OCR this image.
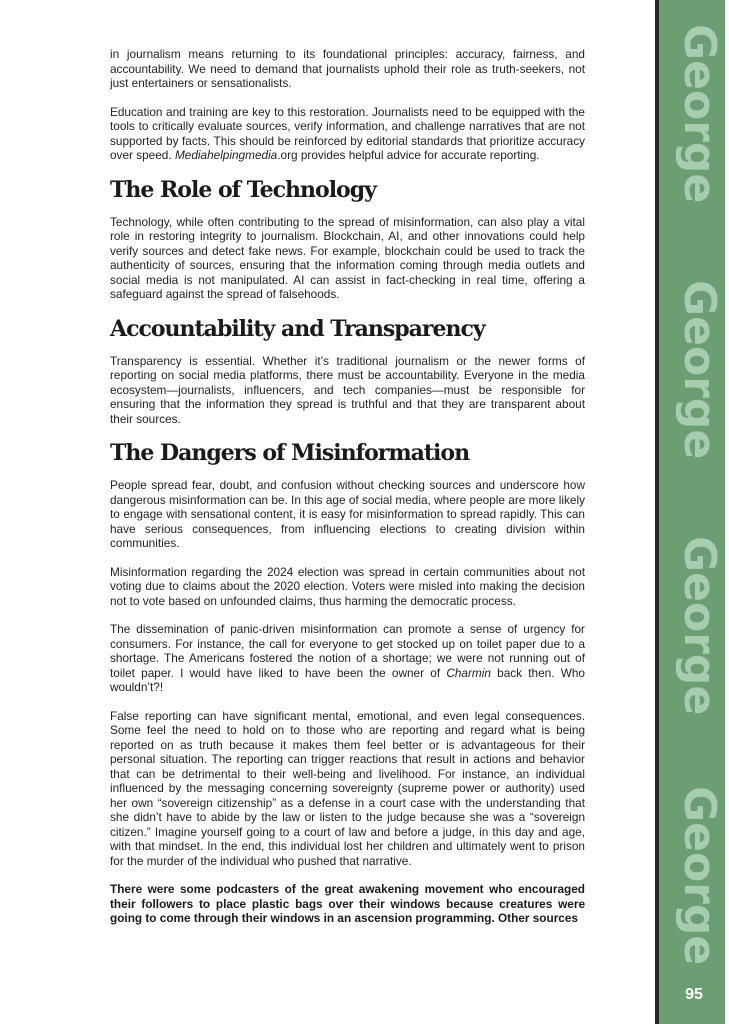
in journalism means returning to its foundational principles: accuracy, fairness, and accountability. We need to demand that journalists uphold their role as truth-seekers, not just entertainers or sensationalists.

Education and training are key to this restoration. Journalists need to be equipped with the tools to critically evaluate sources, verify information, and challenge narratives that are not supported by facts. This should be reinforced by editorial standards that prioritize accuracy over speed. Mediahelpingmedia.org provides helpful advice for accurate reporting.

The Role of Technology

Technology, while often contributing to the spread of misinformation, can also play a vital role in restoring integrity to journalism. Blockchain, AI, and other innovations could help verify sources and detect fake news. For example, blockchain could be used to track the authenticity of sources, ensuring that the information coming through media outlets and social media is not manipulated. AI can assist in fact-checking in real time, offering a safeguard against the spread of falsehoods.

Accountability and Transparency

Transparency is essential. Whether it’s traditional journalism or the newer forms of reporting on social media platforms, there must be accountability. Everyone in the media ecosystem—journalists, influencers, and tech companies—must be responsible for ensuring that the information they spread is truthful and that they are transparent about their sources.

The Dangers of Misinformation

People spread fear, doubt, and confusion without checking sources and underscore how dangerous misinformation can be. In this age of social media, where people are more likely to engage with sensational content, it is easy for misinformation to spread rapidly. This can have serious consequences, from influencing elections to creating division within communities.

Misinformation regarding the 2024 election was spread in certain communities about not voting due to claims about the 2020 election. Voters were misled into making the decision not to vote based on unfounded claims, thus harming the democratic process.

The dissemination of panic-driven misinformation can promote a sense of urgency for consumers. For instance, the call for everyone to get stocked up on toilet paper due to a shortage. The Americans fostered the notion of a shortage; we were not running out of toilet paper. I would have liked to have been the owner of Charmin back then. Who wouldn’t?!

False reporting can have significant mental, emotional, and even legal consequences. Some feel the need to hold on to those who are reporting and regard what is being reported on as truth because it makes them feel better or is advantageous for their personal situation. The reporting can trigger reactions that result in actions and behavior that can be detrimental to their well-being and livelihood. For instance, an individual influenced by the messaging concerning sovereignty (supreme power or authority) used her own “sovereign citizenship” as a defense in a court case with the understanding that she didn’t have to abide by the law or listen to the judge because she was a “sovereign citizen.” Imagine yourself going to a court of law and before a judge, in this day and age, with that mindset. In the end, this individual lost her children and ultimately went to prison for the murder of the individual who pushed that narrative.

There were some podcasters of the great awakening movement who encouraged their followers to place plastic bags over their windows because creatures were going to come through their windows in an ascension programming. Other sources

George
George
George
George
95
